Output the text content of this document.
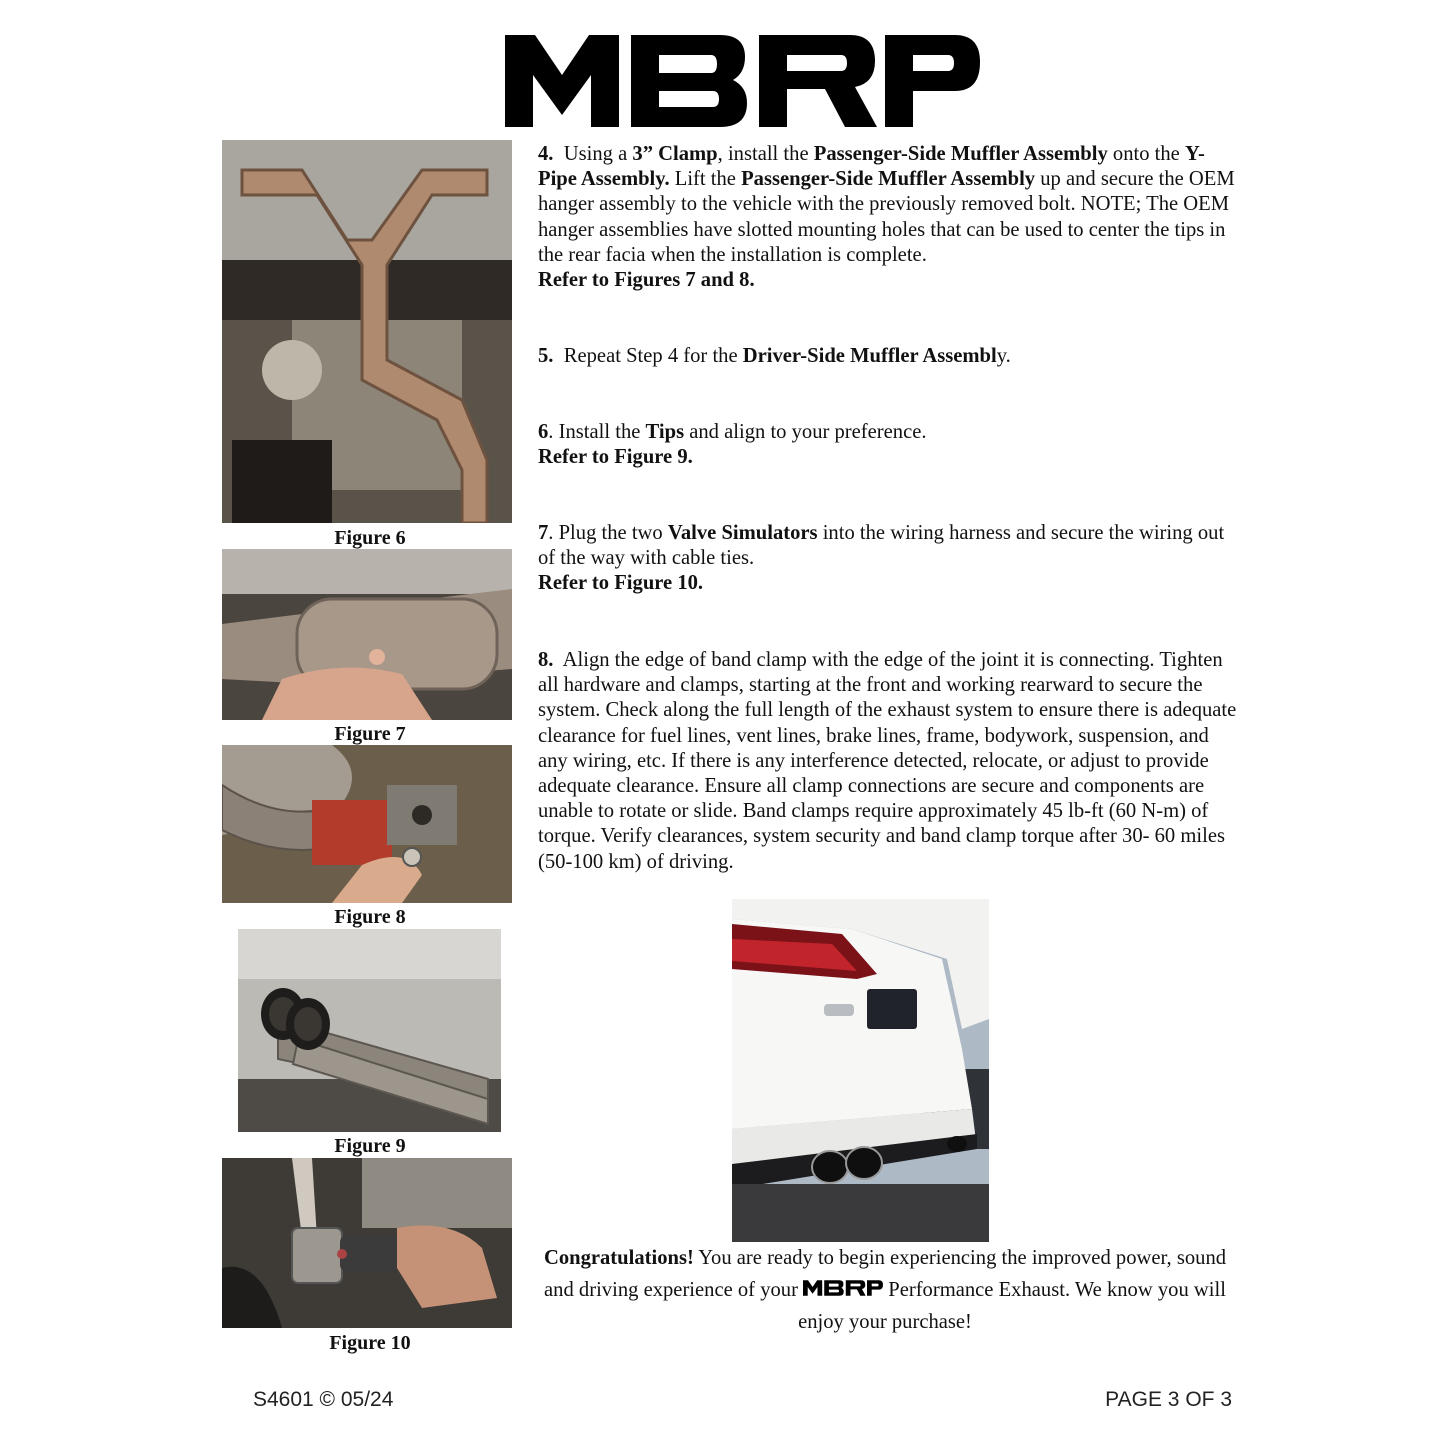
Figure 6
Figure 7
Figure 8
Figure 9
Figure 10

4. Using a 3” Clamp, install the Passenger-Side Muffler Assembly onto the Y-Pipe Assembly. Lift the Passenger-Side Muffler Assembly up and secure the OEM hanger assembly to the vehicle with the previously removed bolt. NOTE; The OEM hanger assemblies have slotted mounting holes that can be used to center the tips in the rear facia when the installation is complete.

Refer to Figures 7 and 8.

5. Repeat Step 4 for the Driver-Side Muffler Assembly.

6. Install the Tips and align to your preference.

Refer to Figure 9.

7. Plug the two Valve Simulators into the wiring harness and secure the wiring out of the way with cable ties.

Refer to Figure 10.

8. Align the edge of band clamp with the edge of the joint it is connecting. Tighten all hardware and clamps, starting at the front and working rearward to secure the system. Check along the full length of the exhaust system to ensure there is adequate clearance for fuel lines, vent lines, brake lines, frame, bodywork, suspension, and any wiring, etc. If there is any interference detected, relocate, or adjust to provide adequate clearance. Ensure all clamp connections are secure and components are unable to rotate or slide. Band clamps require approximately 45 lb-ft (60 N-m) of torque. Verify clearances, system security and band clamp torque after 30- 60 miles (50-100 km) of driving.

Congratulations! You are ready to begin experiencing the improved power, sound and driving experience of your	Performance Exhaust. We know you will enjoy your purchase!
S4601 © 05/24	PAGE 3 OF 3
